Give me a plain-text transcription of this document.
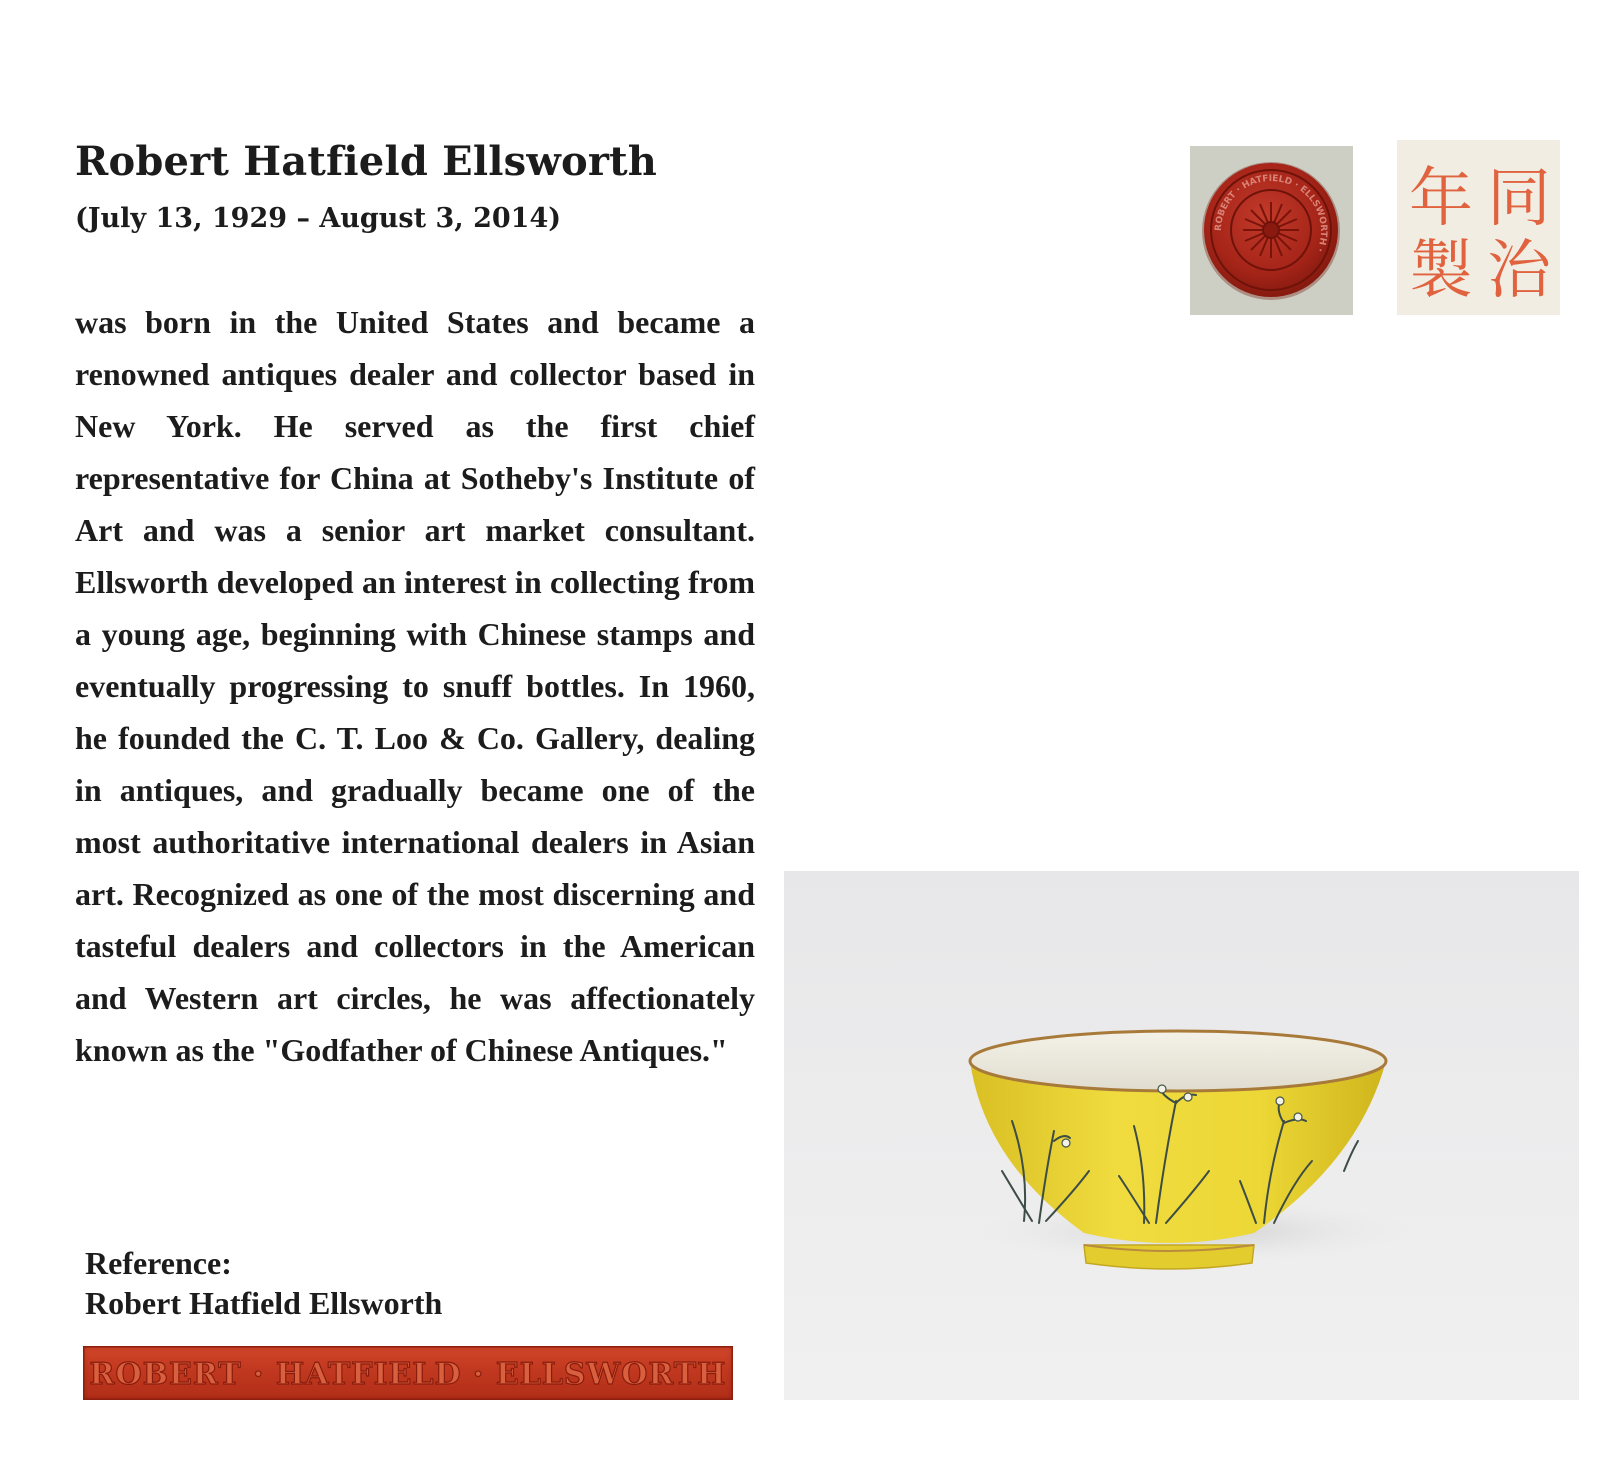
Robert Hatfield Ellsworth
(July 13, 1929 – August 3, 2014)

was born in the United States and became a renowned antiques dealer and collector based in New York. He served as the first chief representative for China at Sotheby's Institute of Art and was a senior art market consultant. Ellsworth developed an interest in collecting from a young age, beginning with Chinese stamps and eventually progressing to snuff bottles. In 1960, he founded the C. T. Loo & Co. Gallery, dealing in antiques, and gradually became one of the most authoritative international dealers in Asian art. Recognized as one of the most discerning and tasteful dealers and collectors in the American and Western art circles, he was affectionately known as the "Godfather of Chinese Antiques."

Reference:
Robert Hatfield Ellsworth
ROBERT · HATFIELD · ELLSWORTH
ROBERT · HATFIELD · ELLSWORTH ·
同
治
年
製
